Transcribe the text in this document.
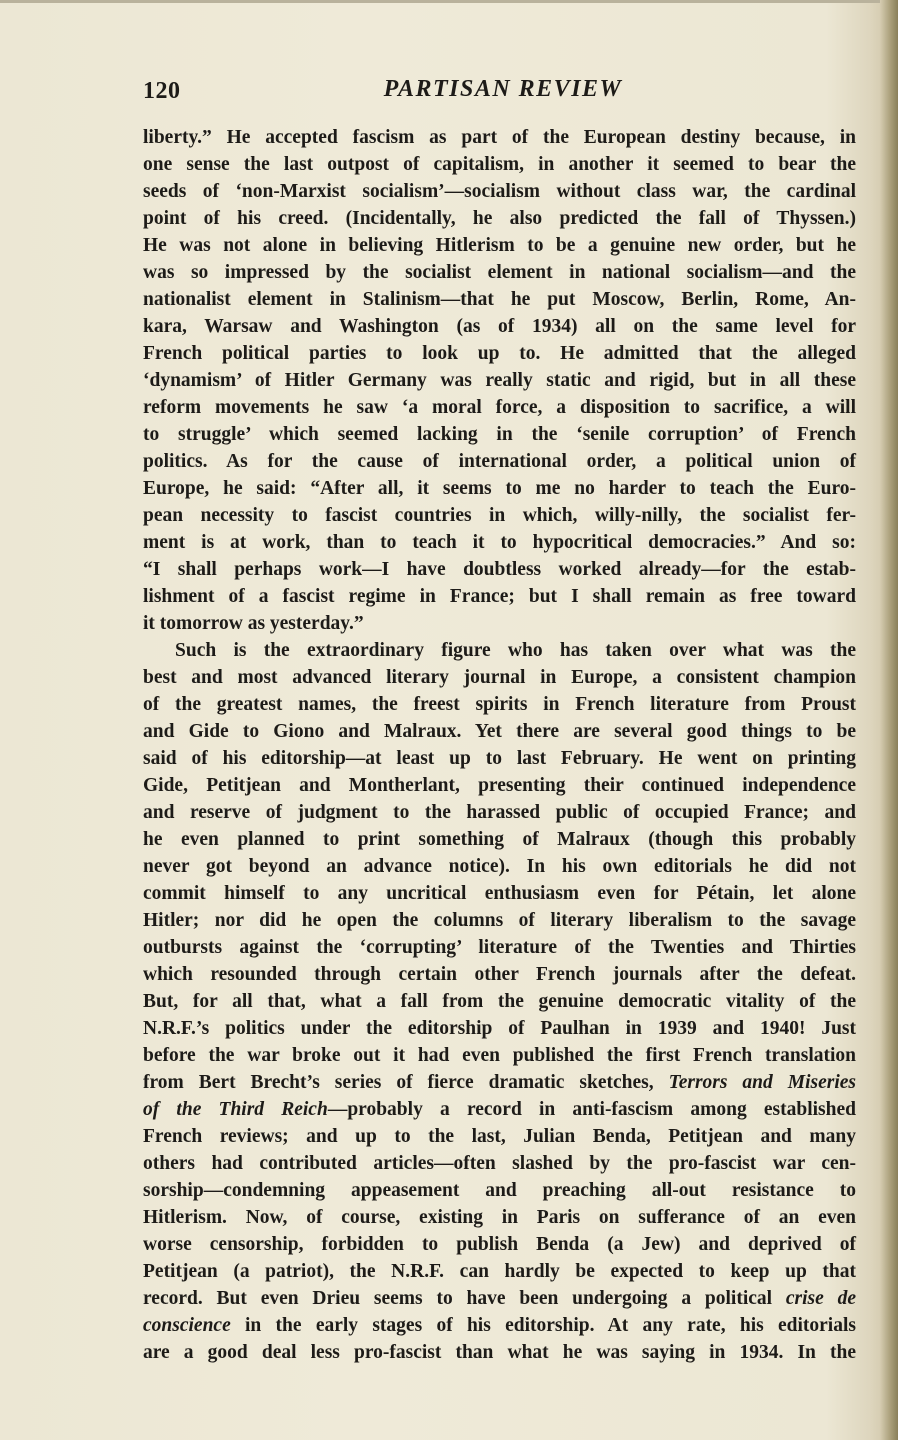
120	PARTISAN REVIEW
liberty.” He accepted fascism as part of the European destiny because, in
one sense the last outpost of capitalism, in another it seemed to bear the
seeds of ‘non-Marxist socialism’—socialism without class war, the cardinal
point of his creed. (Incidentally, he also predicted the fall of Thyssen.)
He was not alone in believing Hitlerism to be a genuine new order, but he
was so impressed by the socialist element in national socialism—and the
nationalist element in Stalinism—that he put Moscow, Berlin, Rome, An-
kara, Warsaw and Washington (as of 1934) all on the same level for
French political parties to look up to. He admitted that the alleged
‘dynamism’ of Hitler Germany was really static and rigid, but in all these
reform movements he saw ‘a moral force, a disposition to sacrifice, a will
to struggle’ which seemed lacking in the ‘senile corruption’ of French
politics. As for the cause of international order, a political union of
Europe, he said: “After all, it seems to me no harder to teach the Euro-
pean necessity to fascist countries in which, willy-nilly, the socialist fer-
ment is at work, than to teach it to hypocritical democracies.” And so:
“I shall perhaps work—I have doubtless worked already—for the estab-
lishment of a fascist regime in France; but I shall remain as free toward
it tomorrow as yesterday.”
Such is the extraordinary figure who has taken over what was the
best and most advanced literary journal in Europe, a consistent champion
of the greatest names, the freest spirits in French literature from Proust
and Gide to Giono and Malraux. Yet there are several good things to be
said of his editorship—at least up to last February. He went on printing
Gide, Petitjean and Montherlant, presenting their continued independence
and reserve of judgment to the harassed public of occupied France; and
he even planned to print something of Malraux (though this probably
never got beyond an advance notice). In his own editorials he did not
commit himself to any uncritical enthusiasm even for Pétain, let alone
Hitler; nor did he open the columns of literary liberalism to the savage
outbursts against the ‘corrupting’ literature of the Twenties and Thirties
which resounded through certain other French journals after the defeat.
But, for all that, what a fall from the genuine democratic vitality of the
N.R.F.’s politics under the editorship of Paulhan in 1939 and 1940! Just
before the war broke out it had even published the first French translation
from Bert Brecht’s series of fierce dramatic sketches, Terrors and Miseries
of the Third Reich—probably a record in anti-fascism among established
French reviews; and up to the last, Julian Benda, Petitjean and many
others had contributed articles—often slashed by the pro-fascist war cen-
sorship—condemning appeasement and preaching all-out resistance to
Hitlerism. Now, of course, existing in Paris on sufferance of an even
worse censorship, forbidden to publish Benda (a Jew) and deprived of
Petitjean (a patriot), the N.R.F. can hardly be expected to keep up that
record. But even Drieu seems to have been undergoing a political crise de
conscience in the early stages of his editorship. At any rate, his editorials
are a good deal less pro-fascist than what he was saying in 1934. In the
